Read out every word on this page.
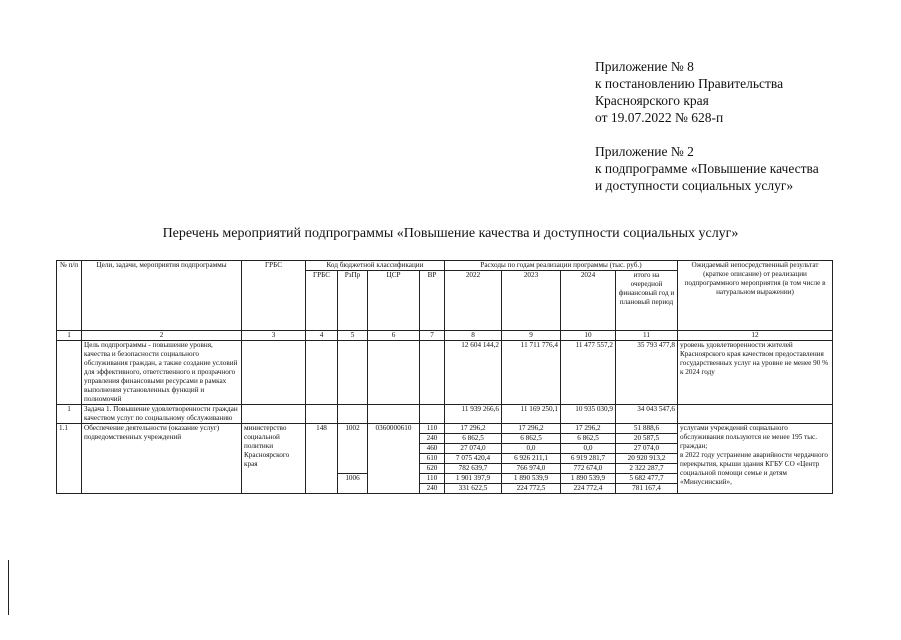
Приложение № 8
к постановлению Правительства
Красноярского края
от 19.07.2022 № 628-п
Приложение № 2
к подпрограмме «Повышение качества
и доступности социальных услуг»
Перечень мероприятий подпрограммы «Повышение качества и доступности социальных услуг»
№ п/п	Цели, задачи, мероприятия подпрограммы	ГРБС	Код бюджетной классификации				Расходы по годам реализации программы (тыс. руб.)				Ожидаемый непосредственный результат (краткое описание) от реализации подпрограммного мероприятия (в том числе в натуральном выражении)
			ГРБС	РзПр	ЦСР	ВР	2022	2023	2024	итого на очередной финансовый год и плановый период	
1	2	3	4	5	6	7	8	9	10	11	12
	Цель подпрограммы - повышение уровня, качества и безопасности социального обслуживания граждан, а также создание условий для эффективного, ответственного и прозрачного управления финансовыми ресурсами в рамках выполнения установленных функций и полномочий						12 604 144,2	11 711 776,4	11 477 557,2	35 793 477,8	уровень удовлетворенности жителей Красноярского края качеством предоставления государственных услуг на уровне не менее 90 % к 2024 году
1	Задача 1. Повышение удовлетворенности граждан качеством услуг по социальному обслуживанию						11 939 266,6	11 169 250,1	10 935 030,9	34 043 547,6	
1.1	Обеспечение деятельности (оказание услуг) подведомственных учреждений	министерство социальной политики Красноярского края	148	1002	0360000610	110	17 296,2	17 296,2	17 296,2	51 888,6	услугами учреждений социального обслуживания пользуются не менее 195 тыс. граждан;
в 2022 году устранение аварийности чердачного перекрытия, крыши здания КГБУ СО «Центр социальной помощи семье и детям «Минусинский»,
						240	6 862,5	6 862,5	6 862,5	20 587,5	
						460	27 074,0	0,0	0,0	27 074,0	
						610	7 075 420,4	6 926 211,1	6 919 281,7	20 920 913,2	
						620	782 639,7	766 974,0	772 674,0	2 322 287,7	
				1006		110	1 901 397,9	1 890 539,9	1 890 539,9	5 682 477,7	
						240	331 622,5	224 772,5	224 772,4	781 167,4	
